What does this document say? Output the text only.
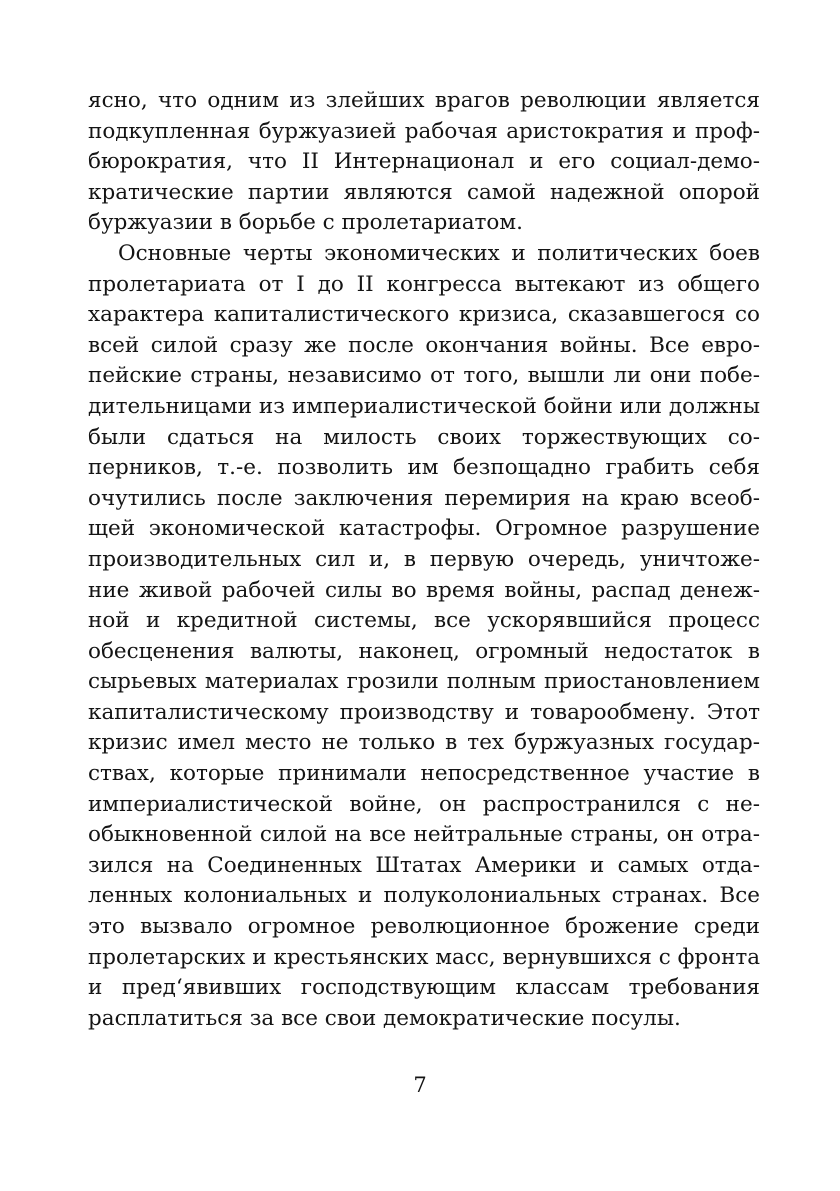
ясно, что одним из злейших врагов революции является
подкупленная буржуазией рабочая аристократия и проф-
бюрократия, что II Интернационал и его социал-демо-
кратические партии являются самой надежной опорой
буржуазии в борьбе с пролетариатом.
Основные черты экономических и политических боев
пролетариата от I до II конгресса вытекают из общего
характера капиталистического кризиса, сказавшегося со
всей силой сразу же после окончания войны. Все евро-
пейские страны, независимо от того, вышли ли они побе-
дительницами из империалистической бойни или должны
были сдаться на милость своих торжествующих со-
перников, т.-е. позволить им безпощадно грабить себя
очутились после заключения перемирия на краю всеоб-
щей экономической катастрофы. Огромное разрушение
производительных сил и, в первую очередь, уничтоже-
ние живой рабочей силы во время войны, распад денеж-
ной и кредитной системы, все ускорявшийся процесс
обесценения валюты, наконец, огромный недостаток в
сырьевых материалах грозили полным приостановлением
капиталистическому производству и товарообмену. Этот
кризис имел место не только в тех буржуазных государ-
ствах, которые принимали непосредственное участие в
империалистической войне, он распространился с не-
обыкновенной силой на все нейтральные страны, он отра-
зился на Соединенных Штатах Америки и самых отда-
ленных колониальных и полуколониальных странах. Все
это вызвало огромное революционное брожение среди
пролетарских и крестьянских масс, вернувшихся с фронта
и пред‘явивших господствующим классам требования
расплатиться за все свои демократические посулы.
7
